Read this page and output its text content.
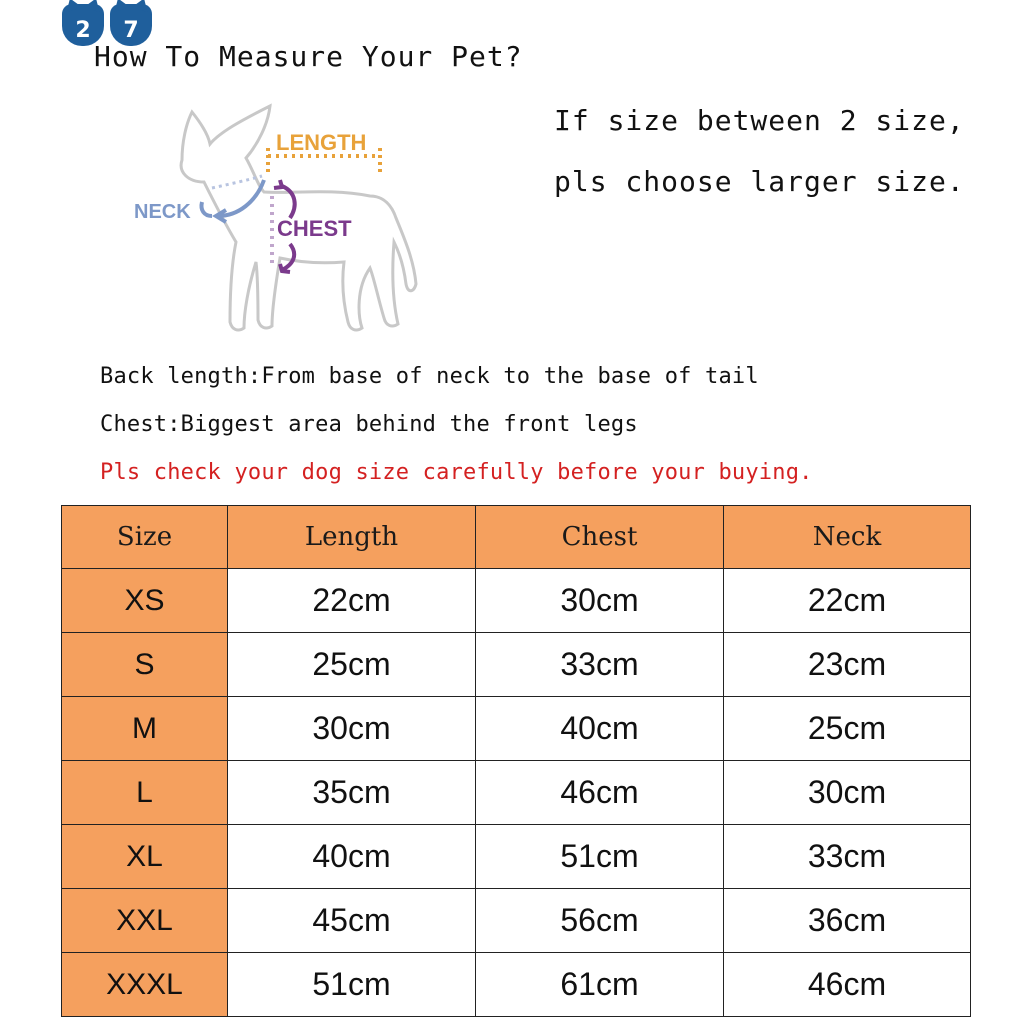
2	7
How To Measure Your Pet?
LENGTH
NECK
CHEST

If size between 2 size,

pls choose larger size.

Back length:From base of neck to the base of tail

Chest:Biggest area behind the front legs

Pls check your dog size carefully before your buying.

Size	Length	Chest	Neck
XS	22cm	30cm	22cm
S	25cm	33cm	23cm
M	30cm	40cm	25cm
L	35cm	46cm	30cm
XL	40cm	51cm	33cm
XXL	45cm	56cm	36cm
XXXL	51cm	61cm	46cm
